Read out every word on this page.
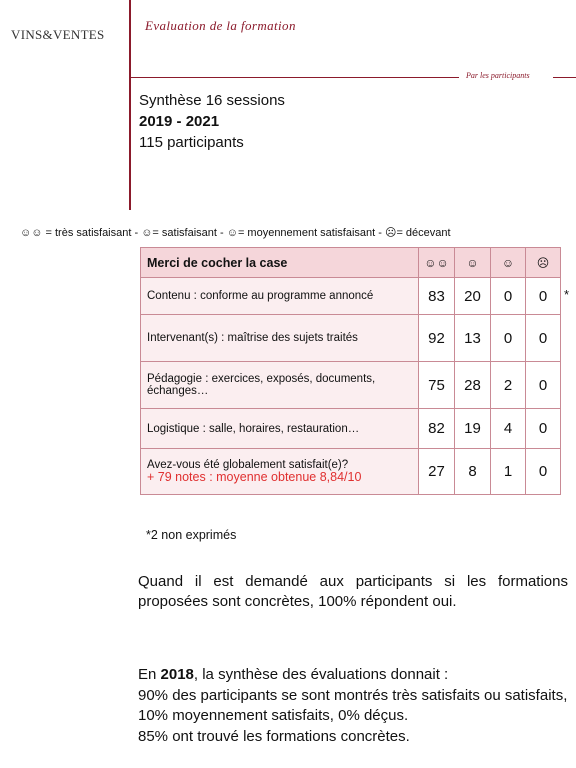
VINS&VENTES
Evaluation de la formation
Par les participants
Synthèse 16 sessions
2019 - 2021
115 participants
☺☺ = très satisfaisant - ☺= satisfaisant - ☺= moyennement satisfaisant - ☹= décevant
Merci de cocher la case	☺☺	☺	☺	☹
Contenu : conforme au programme annoncé	83	20	0	0
Intervenant(s) : maîtrise des sujets traités	92	13	0	0
Pédagogie : exercices, exposés, documents, échanges…	75	28	2	0
Logistique : salle, horaires, restauration…	82	19	4	0
Avez-vous été globalement satisfait(e)?
+ 79 notes : moyenne obtenue 8,84/10	27	8	1	0
*
*2 non exprimés
Quand il est demandé aux participants si les formations proposées sont concrètes, 100% répondent oui.
En 2018, la synthèse des évaluations donnait :
90% des participants se sont montrés très satisfaits ou satisfaits, 10% moyennement satisfaits, 0% déçus.
85% ont trouvé les formations concrètes.
